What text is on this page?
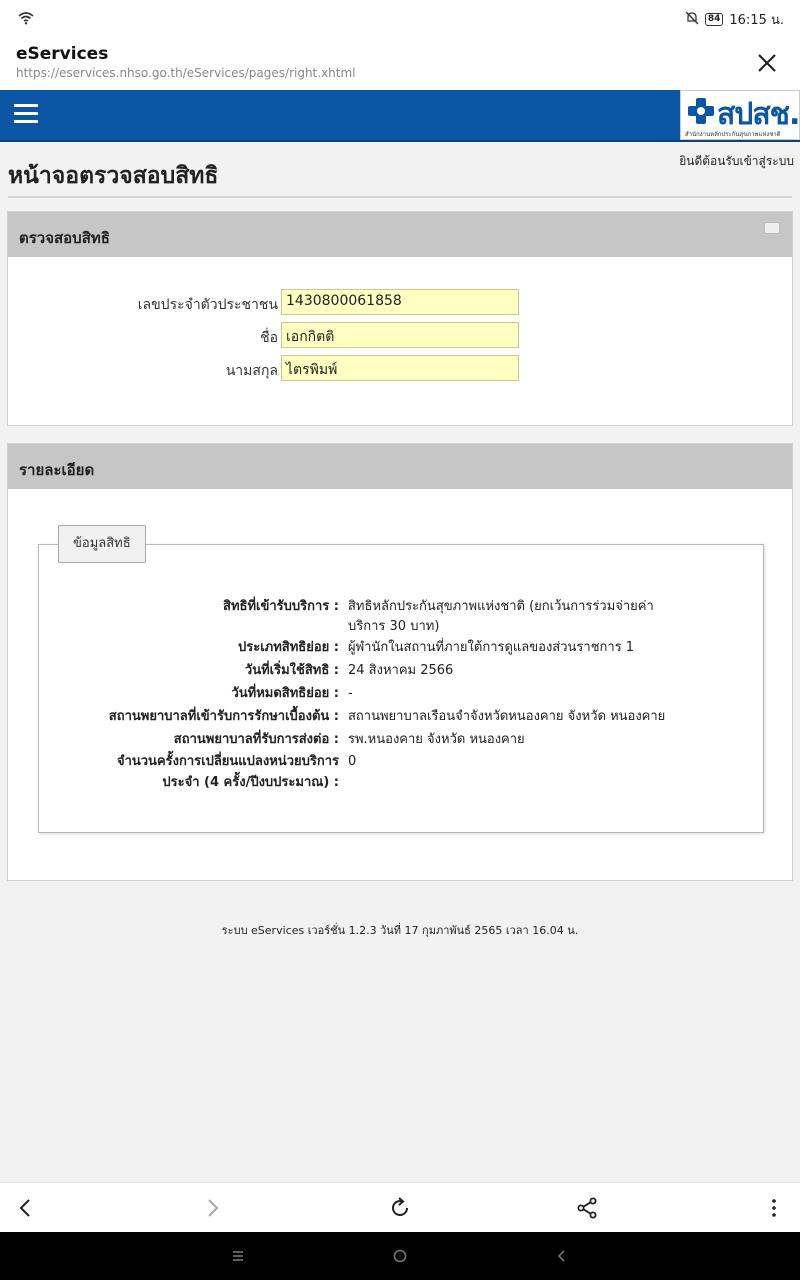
84 16:15 น.
eServices
https://eservices.nhso.go.th/eServices/pages/right.xhtml
สปสช.
สำนักงานหลักประกันสุขภาพแห่งชาติ
ยินดีต้อนรับเข้าสู่ระบบ
หน้าจอตรวจสอบสิทธิ
ตรวจสอบสิทธิ
เลขประจำตัวประชาชน 1430800061858
ชื่อ เอกกิตติ
นามสกุล ไตรพิมพ์
รายละเอียด
ข้อมูลสิทธิ
สิทธิที่เข้ารับบริการ : สิทธิหลักประกันสุขภาพแห่งชาติ (ยกเว้นการร่วมจ่ายค่าบริการ 30 บาท)
ประเภทสิทธิย่อย : ผู้พำนักในสถานที่ภายใต้การดูแลของส่วนราชการ 1
วันที่เริ่มใช้สิทธิ : 24 สิงหาคม 2566
วันที่หมดสิทธิย่อย : -
สถานพยาบาลที่เข้ารับการรักษาเบื้องต้น : สถานพยาบาลเรือนจำจังหวัดหนองคาย จังหวัด หนองคาย
สถานพยาบาลที่รับการส่งต่อ : รพ.หนองคาย จังหวัด หนองคาย
จำนวนครั้งการเปลี่ยนแปลงหน่วยบริการ 0
ประจำ (4 ครั้ง/ปีงบประมาณ) :
ระบบ eServices เวอร์ชั่น 1.2.3 วันที่ 17 กุมภาพันธ์ 2565 เวลา 16.04 น.
